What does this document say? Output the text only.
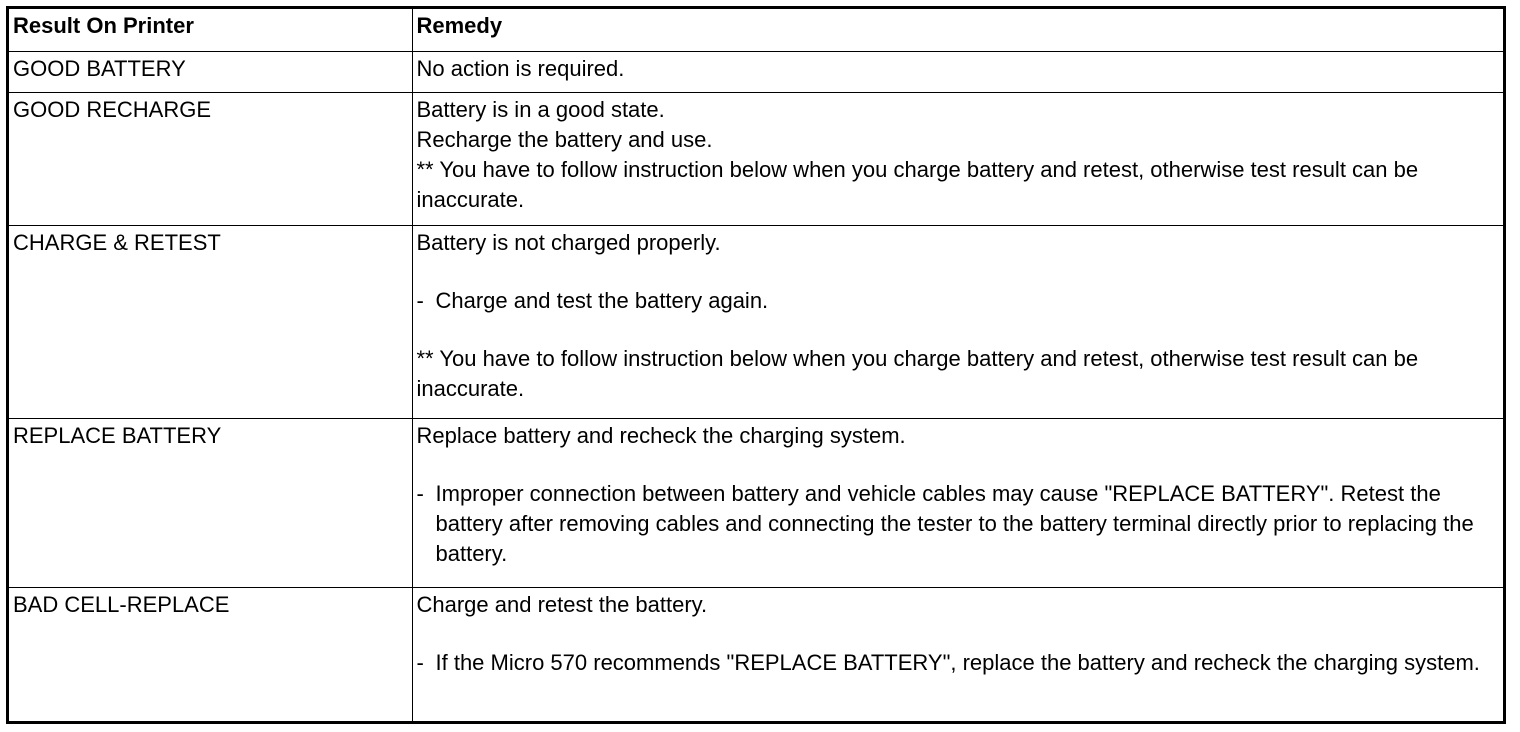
Result On Printer	Remedy
GOOD BATTERY	No action is required.

GOOD RECHARGE	Battery is in a good state.
Recharge the battery and use.
** You have to follow instruction below when you charge battery and retest, otherwise test result can be inaccurate.

CHARGE & RETEST	Battery is not charged properly.
- Charge and test the battery again.
** You have to follow instruction below when you charge battery and retest, otherwise test result can be inaccurate.

REPLACE BATTERY	Replace battery and recheck the charging system.
- Improper connection between battery and vehicle cables may cause "REPLACE BATTERY". Retest the battery after removing cables and connecting the tester to the battery terminal directly prior to replacing the battery.

BAD CELL-REPLACE	Charge and retest the battery.
- If the Micro 570 recommends "REPLACE BATTERY", replace the battery and recheck the charging system.
